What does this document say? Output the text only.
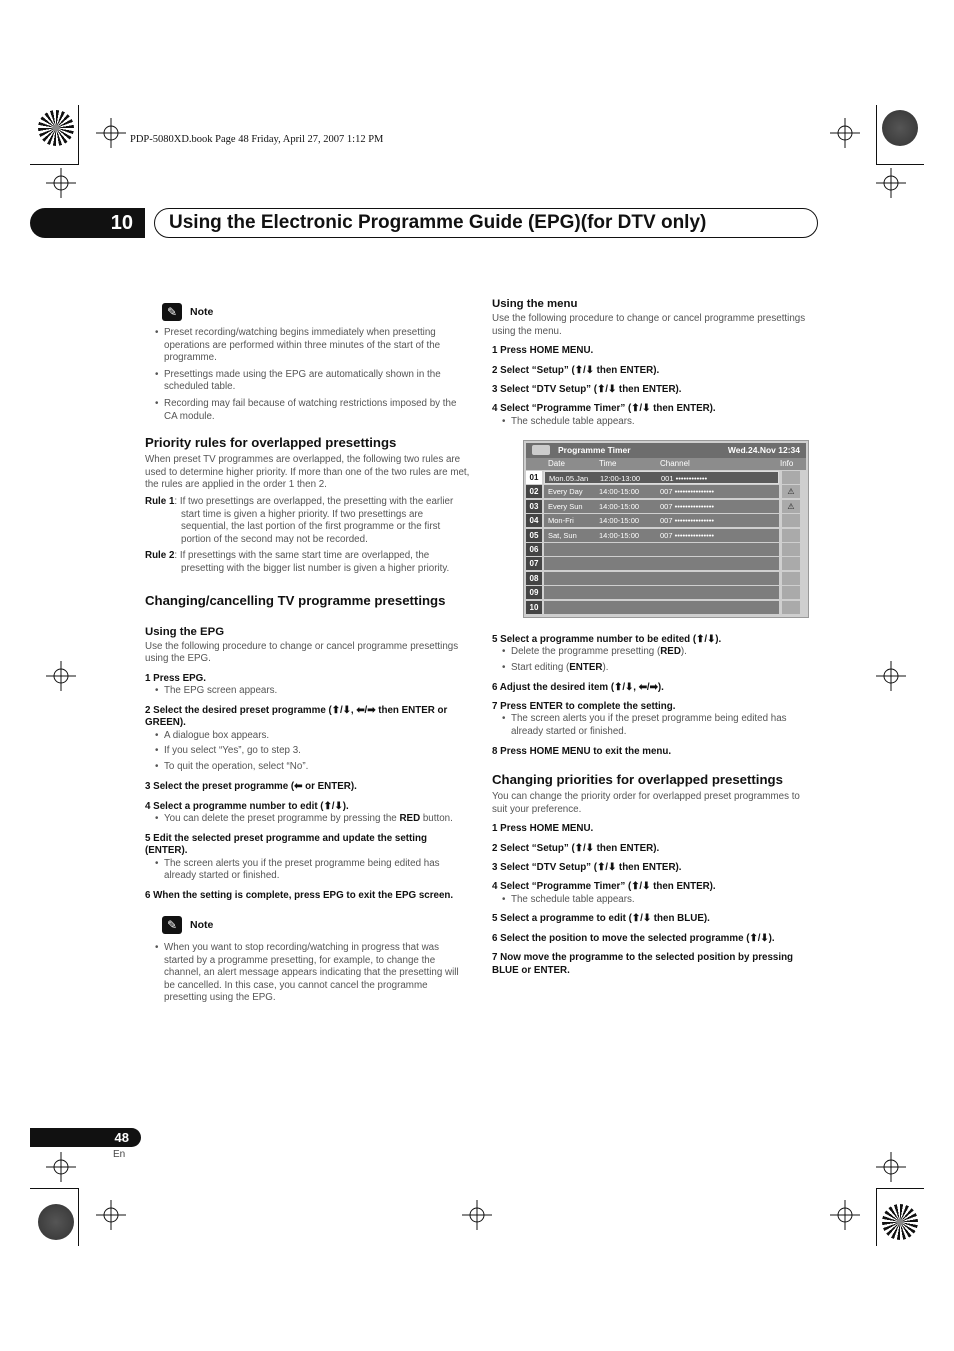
PDP-5080XD.book Page 48 Friday, April 27, 2007 1:12 PM
10	Using the Electronic Programme Guide (EPG)(for DTV only)
✎	Note

• Preset recording/watching begins immediately when presetting operations are performed within three minutes of the start of the programme.

• Presettings made using the EPG are automatically shown in the scheduled table.

• Recording may fail because of watching restrictions imposed by the CA module.

Priority rules for overlapped presettings

When preset TV programmes are overlapped, the following two rules are used to determine higher priority. If more than one of the two rules are met, the rules are applied in the order 1 then 2.

Rule 1: If two presettings are overlapped, the presetting with the earlier start time is given a higher priority. If two presettings are sequential, the last portion of the first programme or the first portion of the second may not be recorded.

Rule 2: If presettings with the same start time are overlapped, the presetting with the bigger list number is given a higher priority.

Changing/cancelling TV programme presettings
Using the EPG

Use the following procedure to change or cancel programme presettings using the EPG.

1 Press EPG.

• The EPG screen appears.

2 Select the desired preset programme (⬆/⬇, ⬅/➡ then ENTER or GREEN).

• A dialogue box appears.

• If you select “Yes”, go to step 3.

• To quit the operation, select “No”.

3 Select the preset programme (⬅ or ENTER).

4 Select a programme number to edit (⬆/⬇).

• You can delete the preset programme by pressing the RED button.

5 Edit the selected preset programme and update the setting (ENTER).

• The screen alerts you if the preset programme being edited has already started or finished.

6 When the setting is complete, press EPG to exit the EPG screen.

✎	Note

• When you want to stop recording/watching in progress that was started by a programme presetting, for example, to change the channel, an alert message appears indicating that the presetting will be cancelled. In this case, you cannot cancel the programme presetting using the EPG.

Using the menu

Use the following procedure to change or cancel programme presettings using the menu.

1 Press HOME MENU.

2 Select “Setup” (⬆/⬇ then ENTER).

3 Select “DTV Setup” (⬆/⬇ then ENTER).

4 Select “Programme Timer” (⬆/⬇ then ENTER).

• The schedule table appears.

Programme Timer	Wed.24.Nov 12:34
Date	Time	Channel	Info
01	Mon.05.Jan 12:00-13:00	001 ••••••••••••
02	Every Day 14:00-15:00	007 •••••••••••••••	⚠
03	Every Sun 14:00-15:00	007 •••••••••••••••	⚠
04	Mon-Fri	14:00-15:00	007 •••••••••••••••
05	Sat, Sun	14:00-15:00	007 •••••••••••••••
06
07
08
09
10

5 Select a programme number to be edited (⬆/⬇).

• Delete the programme presetting (RED).

• Start editing (ENTER).

6 Adjust the desired item (⬆/⬇, ⬅/➡).

7 Press ENTER to complete the setting.

• The screen alerts you if the preset programme being edited has already started or finished.

8 Press HOME MENU to exit the menu.

Changing priorities for overlapped presettings

You can change the priority order for overlapped preset programmes to suit your preference.

1 Press HOME MENU.

2 Select “Setup” (⬆/⬇ then ENTER).

3 Select “DTV Setup” (⬆/⬇ then ENTER).

4 Select “Programme Timer” (⬆/⬇ then ENTER).

• The schedule table appears.

5 Select a programme to edit (⬆/⬇ then BLUE).

6 Select the position to move the selected programme (⬆/⬇).

7 Now move the programme to the selected position by pressing BLUE or ENTER.

48
En
